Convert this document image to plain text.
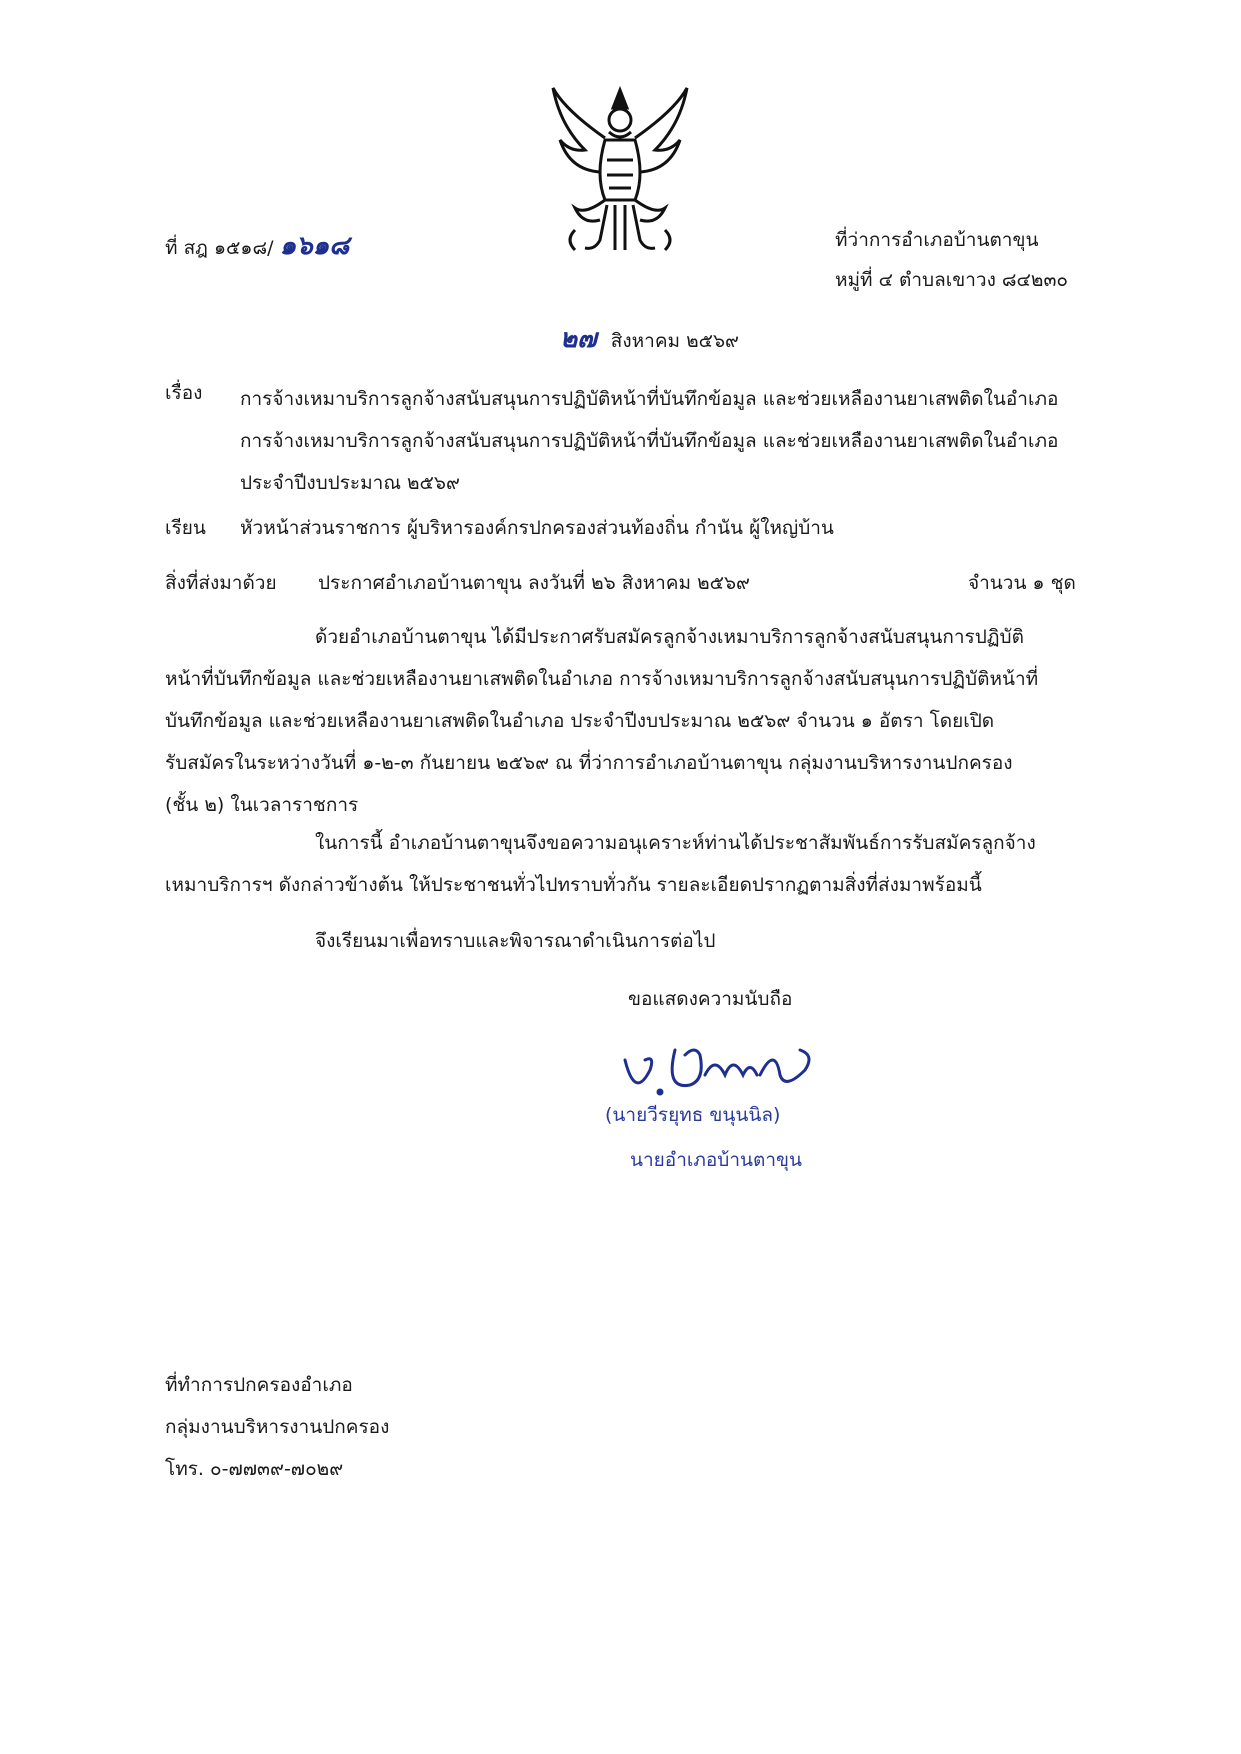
ที่ สฎ ๑๕๑๘/ ๑๖๑๘	ที่ว่าการอำเภอบ้านตาขุน
หมู่ที่ ๔ ตำบลเขาวง ๘๔๒๓๐
๒๗ สิงหาคม ๒๕๖๙
เรื่อง การจ้างเหมาบริการลูกจ้างสนับสนุนการปฏิบัติหน้าที่บันทึกข้อมูล และช่วยเหลืองานยาเสพติดในอำเภอ
การจ้างเหมาบริการลูกจ้างสนับสนุนการปฏิบัติหน้าที่บันทึกข้อมูล และช่วยเหลืองานยาเสพติดในอำเภอ
ประจำปีงบประมาณ ๒๕๖๙
เรียน หัวหน้าส่วนราชการ ผู้บริหารองค์กรปกครองส่วนท้องถิ่น กำนัน ผู้ใหญ่บ้าน
สิ่งที่ส่งมาด้วย ประกาศอำเภอบ้านตาขุน ลงวันที่ ๒๖ สิงหาคม ๒๕๖๙	จำนวน ๑ ชุด
ด้วยอำเภอบ้านตาขุน ได้มีประกาศรับสมัครลูกจ้างเหมาบริการลูกจ้างสนับสนุนการปฏิบัติ
หน้าที่บันทึกข้อมูล และช่วยเหลืองานยาเสพติดในอำเภอ การจ้างเหมาบริการลูกจ้างสนับสนุนการปฏิบัติหน้าที่
บันทึกข้อมูล และช่วยเหลืองานยาเสพติดในอำเภอ ประจำปีงบประมาณ ๒๕๖๙ จำนวน ๑ อัตรา โดยเปิด
รับสมัครในระหว่างวันที่ ๑-๒-๓ กันยายน ๒๕๖๙ ณ ที่ว่าการอำเภอบ้านตาขุน กลุ่มงานบริหารงานปกครอง
(ชั้น ๒) ในเวลาราชการ
ในการนี้ อำเภอบ้านตาขุนจึงขอความอนุเคราะห์ท่านได้ประชาสัมพันธ์การรับสมัครลูกจ้าง
เหมาบริการฯ ดังกล่าวข้างต้น ให้ประชาชนทั่วไปทราบทั่วกัน รายละเอียดปรากฏตามสิ่งที่ส่งมาพร้อมนี้
จึงเรียนมาเพื่อทราบและพิจารณาดำเนินการต่อไป
ขอแสดงความนับถือ
(นายวีรยุทธ ขนุนนิล)
นายอำเภอบ้านตาขุน
ที่ทำการปกครองอำเภอ
กลุ่มงานบริหารงานปกครอง
โทร. ๐-๗๗๓๙-๗๐๒๙
